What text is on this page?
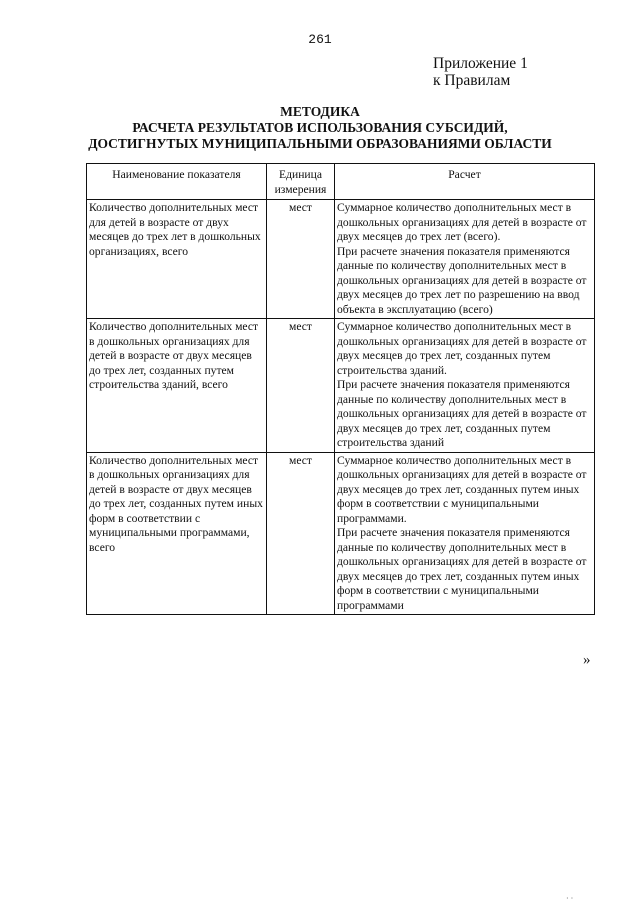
261
Приложение 1
к Правилам
МЕТОДИКА
РАСЧЕТА РЕЗУЛЬТАТОВ ИСПОЛЬЗОВАНИЯ СУБСИДИЙ,
ДОСТИГНУТЫХ МУНИЦИПАЛЬНЫМИ ОБРАЗОВАНИЯМИ ОБЛАСТИ
Наименование показателя	Единица измерения	Расчет
Количество дополнительных мест для детей в возрасте от двух месяцев до трех лет в дошкольных организациях, всего	мест	Суммарное количество дополнительных мест в дошкольных организациях для детей в возрасте от двух месяцев до трех лет (всего).

При расчете значения показателя применяются данные по количеству дополнительных мест в дошкольных организациях для детей в возрасте от двух месяцев до трех лет по разрешению на ввод объекта в эксплуатацию (всего)

Количество дополнительных мест в дошкольных организациях для детей в возрасте от двух месяцев до трех лет, созданных путем строительства зданий, всего	мест	Суммарное количество дополнительных мест в дошкольных организациях для детей в возрасте от двух месяцев до трех лет, созданных путем строительства зданий.

При расчете значения показателя применяются данные по количеству дополнительных мест в дошкольных организациях для детей в возрасте от двух месяцев до трех лет, созданных путем строительства зданий

Количество дополнительных мест в дошкольных организациях для детей в возрасте от двух месяцев до трех лет, созданных путем иных форм в соответствии с муниципальными программами, всего	мест	Суммарное количество дополнительных мест в дошкольных организациях для детей в возрасте от двух месяцев до трех лет, созданных путем иных форм в соответствии с муниципальными программами.

При расчете значения показателя применяются данные по количеству дополнительных мест в дошкольных организациях для детей в возрасте от двух месяцев до трех лет, созданных путем иных форм в соответствии с муниципальными программами

»
· ·
